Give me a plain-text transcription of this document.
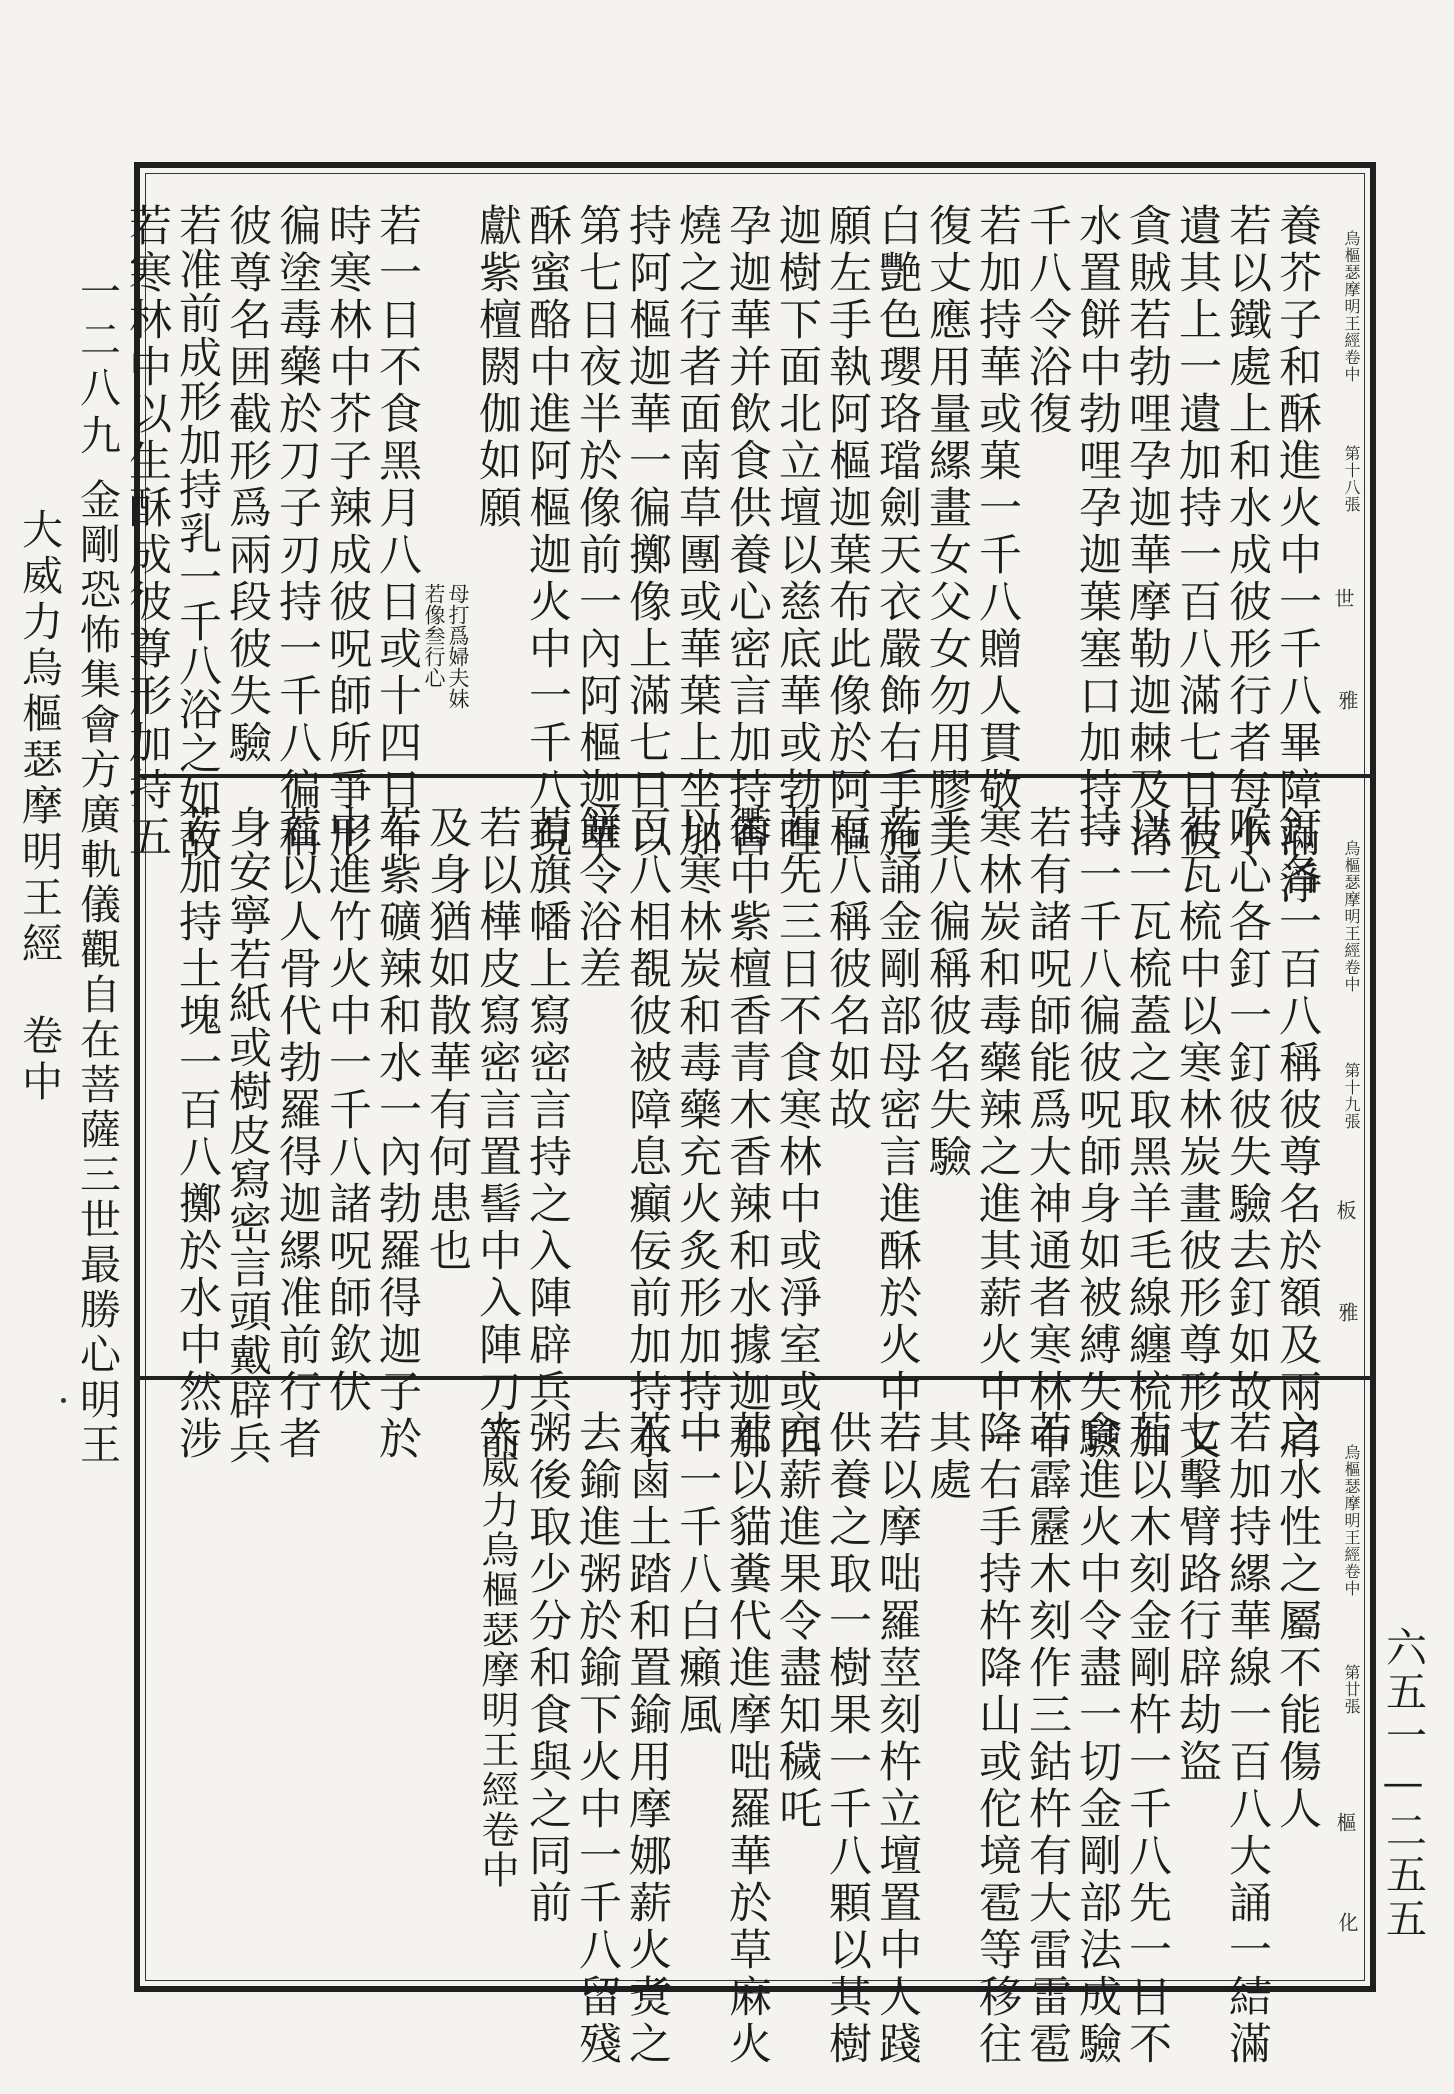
一二八九
金剛恐怖集會方廣軌儀觀自在菩薩三世最勝心明王
大威力烏樞瑟摩明王經　卷中
六五一—二五五
烏樞瑟摩明王經卷中
第十八張
世
雅
烏樞瑟摩明王經卷中
第十九張
板
雅
烏樞瑟摩明王經卷中
第廿張
樞
化
養芥子和酥進火中一千八畢障滿淨
若以鐵處上和水成彼形行者每小
遺其上一遺加持一百八滿七日彼
貪賊若勃哩孕迦華摩勒迦棘及清
水置餅中勃哩孕迦葉塞口加持一
千八令浴復
若加持華或菓一千八贈人貫敬
復丈應用量縲畫女父女勿用膠美
白艷色瓔珞璫劍天衣嚴飾右手施
願左手執阿樞迦葉布此像於阿樞
迦樹下面北立壇以慈底華或勃哩
孕迦華并飲食供養心密言加持香
燒之行者面南草團或華葉上坐加
持阿樞迦華一徧擲像上滿七日以
第七日夜半於像前一內阿樞迦華
酥蜜酪中進阿樞迦火中一千八現
獻紫檀閼伽如願
母打爲婦夫妹
若像叁行心
若一日不食黑月八日或十四日午
時寒林中芥子辣成彼呪師所爭形
徧塗毒藥於刀子刃持一千八徧稱
彼尊名囲截形爲兩段彼失驗
若准前成形加持乳一千八浴之如故
若寒林中以生酥成彼尊形加持五
釘各一百八稱彼尊名於額及兩肩
喉心各釘一釘彼失驗去釘如故
若瓦梳中以寒林炭畫彼形尊形又
以一瓦梳蓋之取黑羊毛線纏梳加
持一千八徧彼呪師身如被縛失驗
若有諸呪師能爲大神通者寒林中
寒林炭和毒藥辣之進其薪火中一
千八徧稱彼名失驗
若誦金剛部母密言進酥於火中一
百八稱彼名如故
若先三日不食寒林中或淨室或四
衢中紫檀香青木香辣和水據迦那
以寒林炭和毒藥充火炙形加持一
百八相覩彼被障息癲佞前加持水
餅令浴差
若旗幡上寫密言持之入陣辟兵
若以樺皮寫密言置髻中入陣刀箭
及身猶如散華有何患也
若紫礦辣和水一內勃羅得迦子於
中進竹火中一千八諸呪師欽伏
若以人骨代勃羅得迦縲准前行者
身安寧若紙或樹皮寫密言頭戴辟兵
若加持土塊一百八擲於水中然涉
之水性之屬不能傷人
若加持縲華線一百八大誦一結滿
七擊臂路行辟劫盜
若以木刻金剛杵一千八先一日不
食進火中令盡一切金剛部法成驗
若霹靂木刻作三鈷杵有大雷雷雹
降右手持杵降山或佗境雹等移往
其處
若以摩咄羅莖刻杵立壇置中人踐
供養之取一樹果一千八顆以其樹
充薪進果令盡知穢吒
若以貓糞代進摩咄羅華於草麻火
中一千八白癩風
若鹵土踏和置鍮用摩娜薪火煑之
去鍮進粥於鍮下火中一千八留殘
粥後取少分和食與之同前
大威力烏樞瑟摩明王經卷中
